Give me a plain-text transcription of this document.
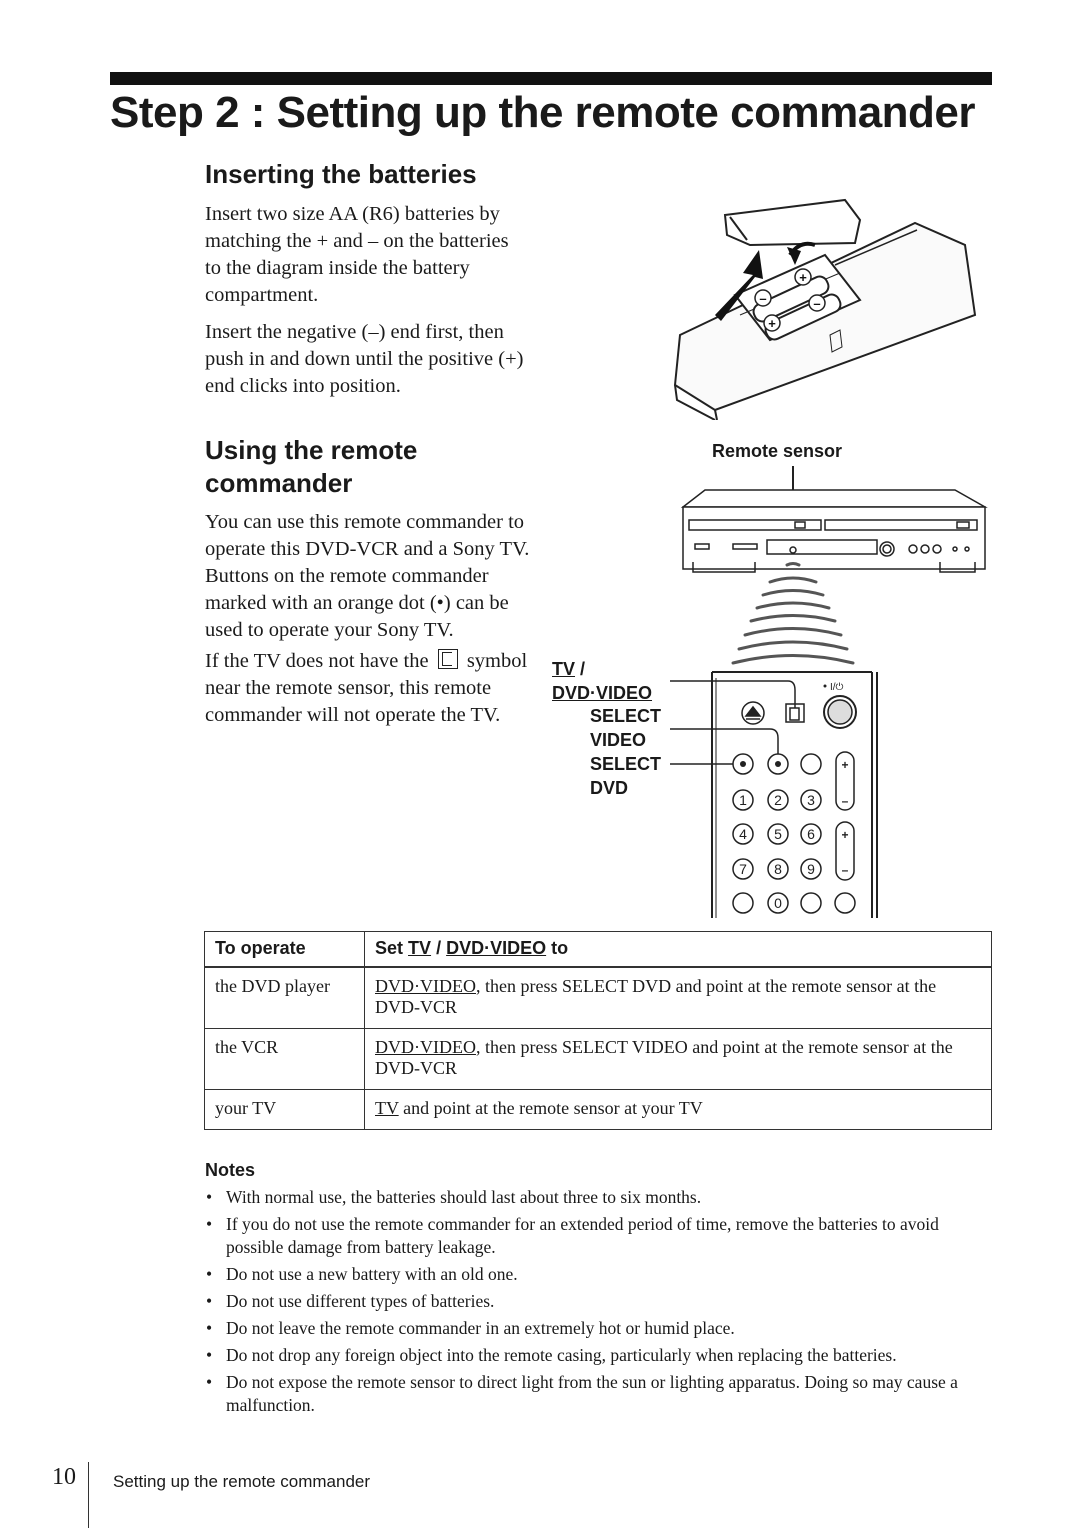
Step 2 : Setting up the remote commander
Inserting the batteries

Insert two size AA (R6) batteries by matching the + and – on the batteries to the diagram inside the battery compartment.

Insert the negative (–) end first, then push in and down until the positive (+) end clicks into position.

Using the remote commander

You can use this remote commander to operate this DVD-VCR and a Sony TV. Buttons on the remote commander marked with an orange dot (•) can be used to operate your Sony TV.

If the TV does not have the symbol near the remote sensor, this remote commander will not operate the TV.

+
–	–
+
Remote sensor
TV /
DVD·VIDEO
SELECT
VIDEO
SELECT
DVD
I/⏻
+
–
+
–
1 2 3
4 5 6
7 8 9
0
To operate	Set TV / DVD·VIDEO to
the DVD player	DVD·VIDEO, then press SELECT DVD and point at the remote sensor at the DVD-VCR
the VCR	DVD·VIDEO, then press SELECT VIDEO and point at the remote sensor at the DVD-VCR
your TV	TV and point at the remote sensor at your TV
Notes
• With normal use, the batteries should last about three to six months.
• If you do not use the remote commander for an extended period of time, remove the batteries to avoid possible damage from battery leakage.
• Do not use a new battery with an old one.
• Do not use different types of batteries.
• Do not leave the remote commander in an extremely hot or humid place.
• Do not drop any foreign object into the remote casing, particularly when replacing the batteries.
• Do not expose the remote sensor to direct light from the sun or lighting apparatus. Doing so may cause a malfunction.
10 Setting up the remote commander
